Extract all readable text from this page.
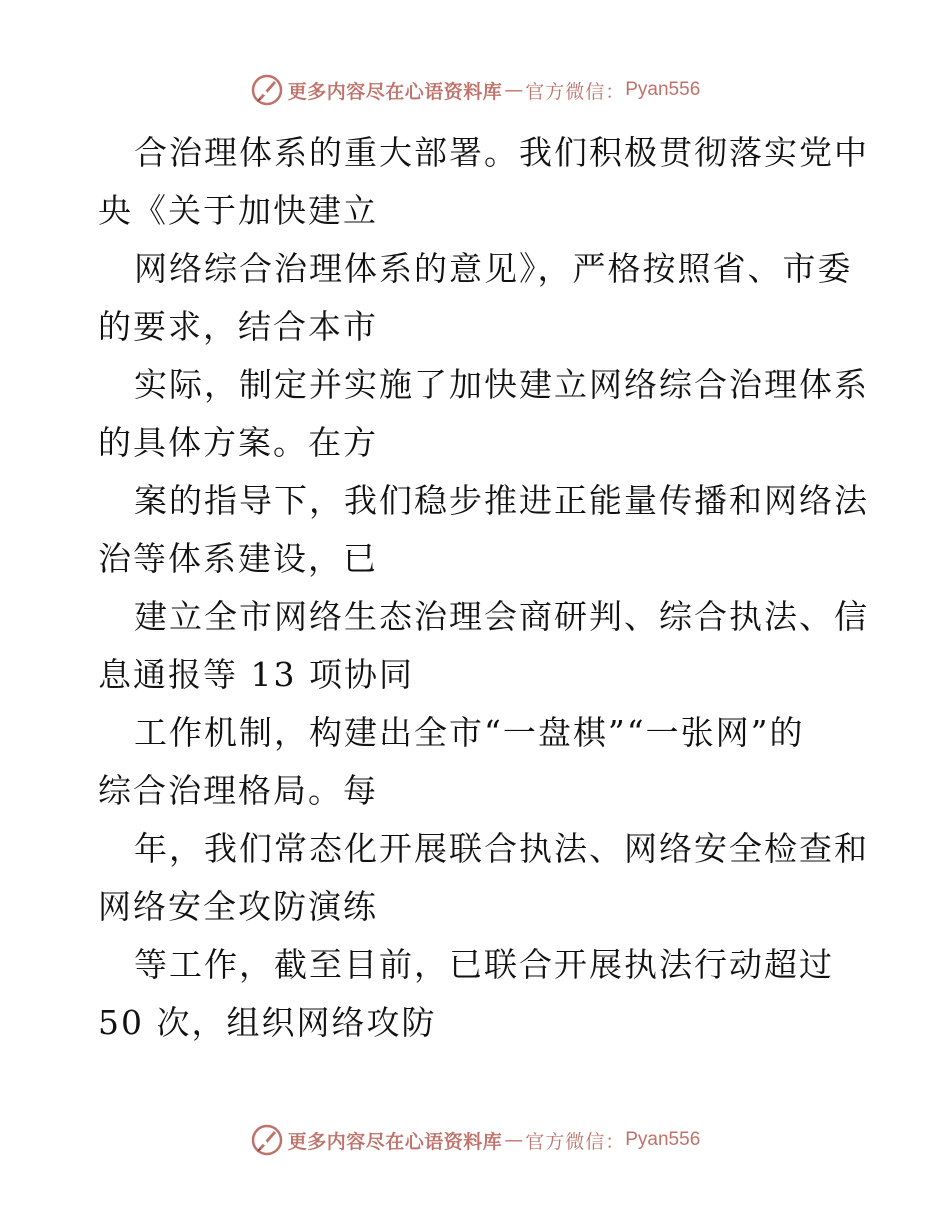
更多内容尽在心语资料库 — 官方微信： Pyan556
合治理体系的重大部署。我们积极贯彻落实党中
央《关于加快建立
网络综合治理体系的意见》，严格按照省、市委
的要求，结合本市
实际，制定并实施了加快建立网络综合治理体系
的具体方案。在方
案的指导下，我们稳步推进正能量传播和网络法
治等体系建设，已
建立全市网络生态治理会商研判、综合执法、信
息通报等 13 项协同
工作机制，构建出全市“一盘棋”“一张网”的
综合治理格局。每
年，我们常态化开展联合执法、网络安全检查和
网络安全攻防演练
等工作，截至目前，已联合开展执法行动超过
50 次，组织网络攻防
更多内容尽在心语资料库 — 官方微信： Pyan556
